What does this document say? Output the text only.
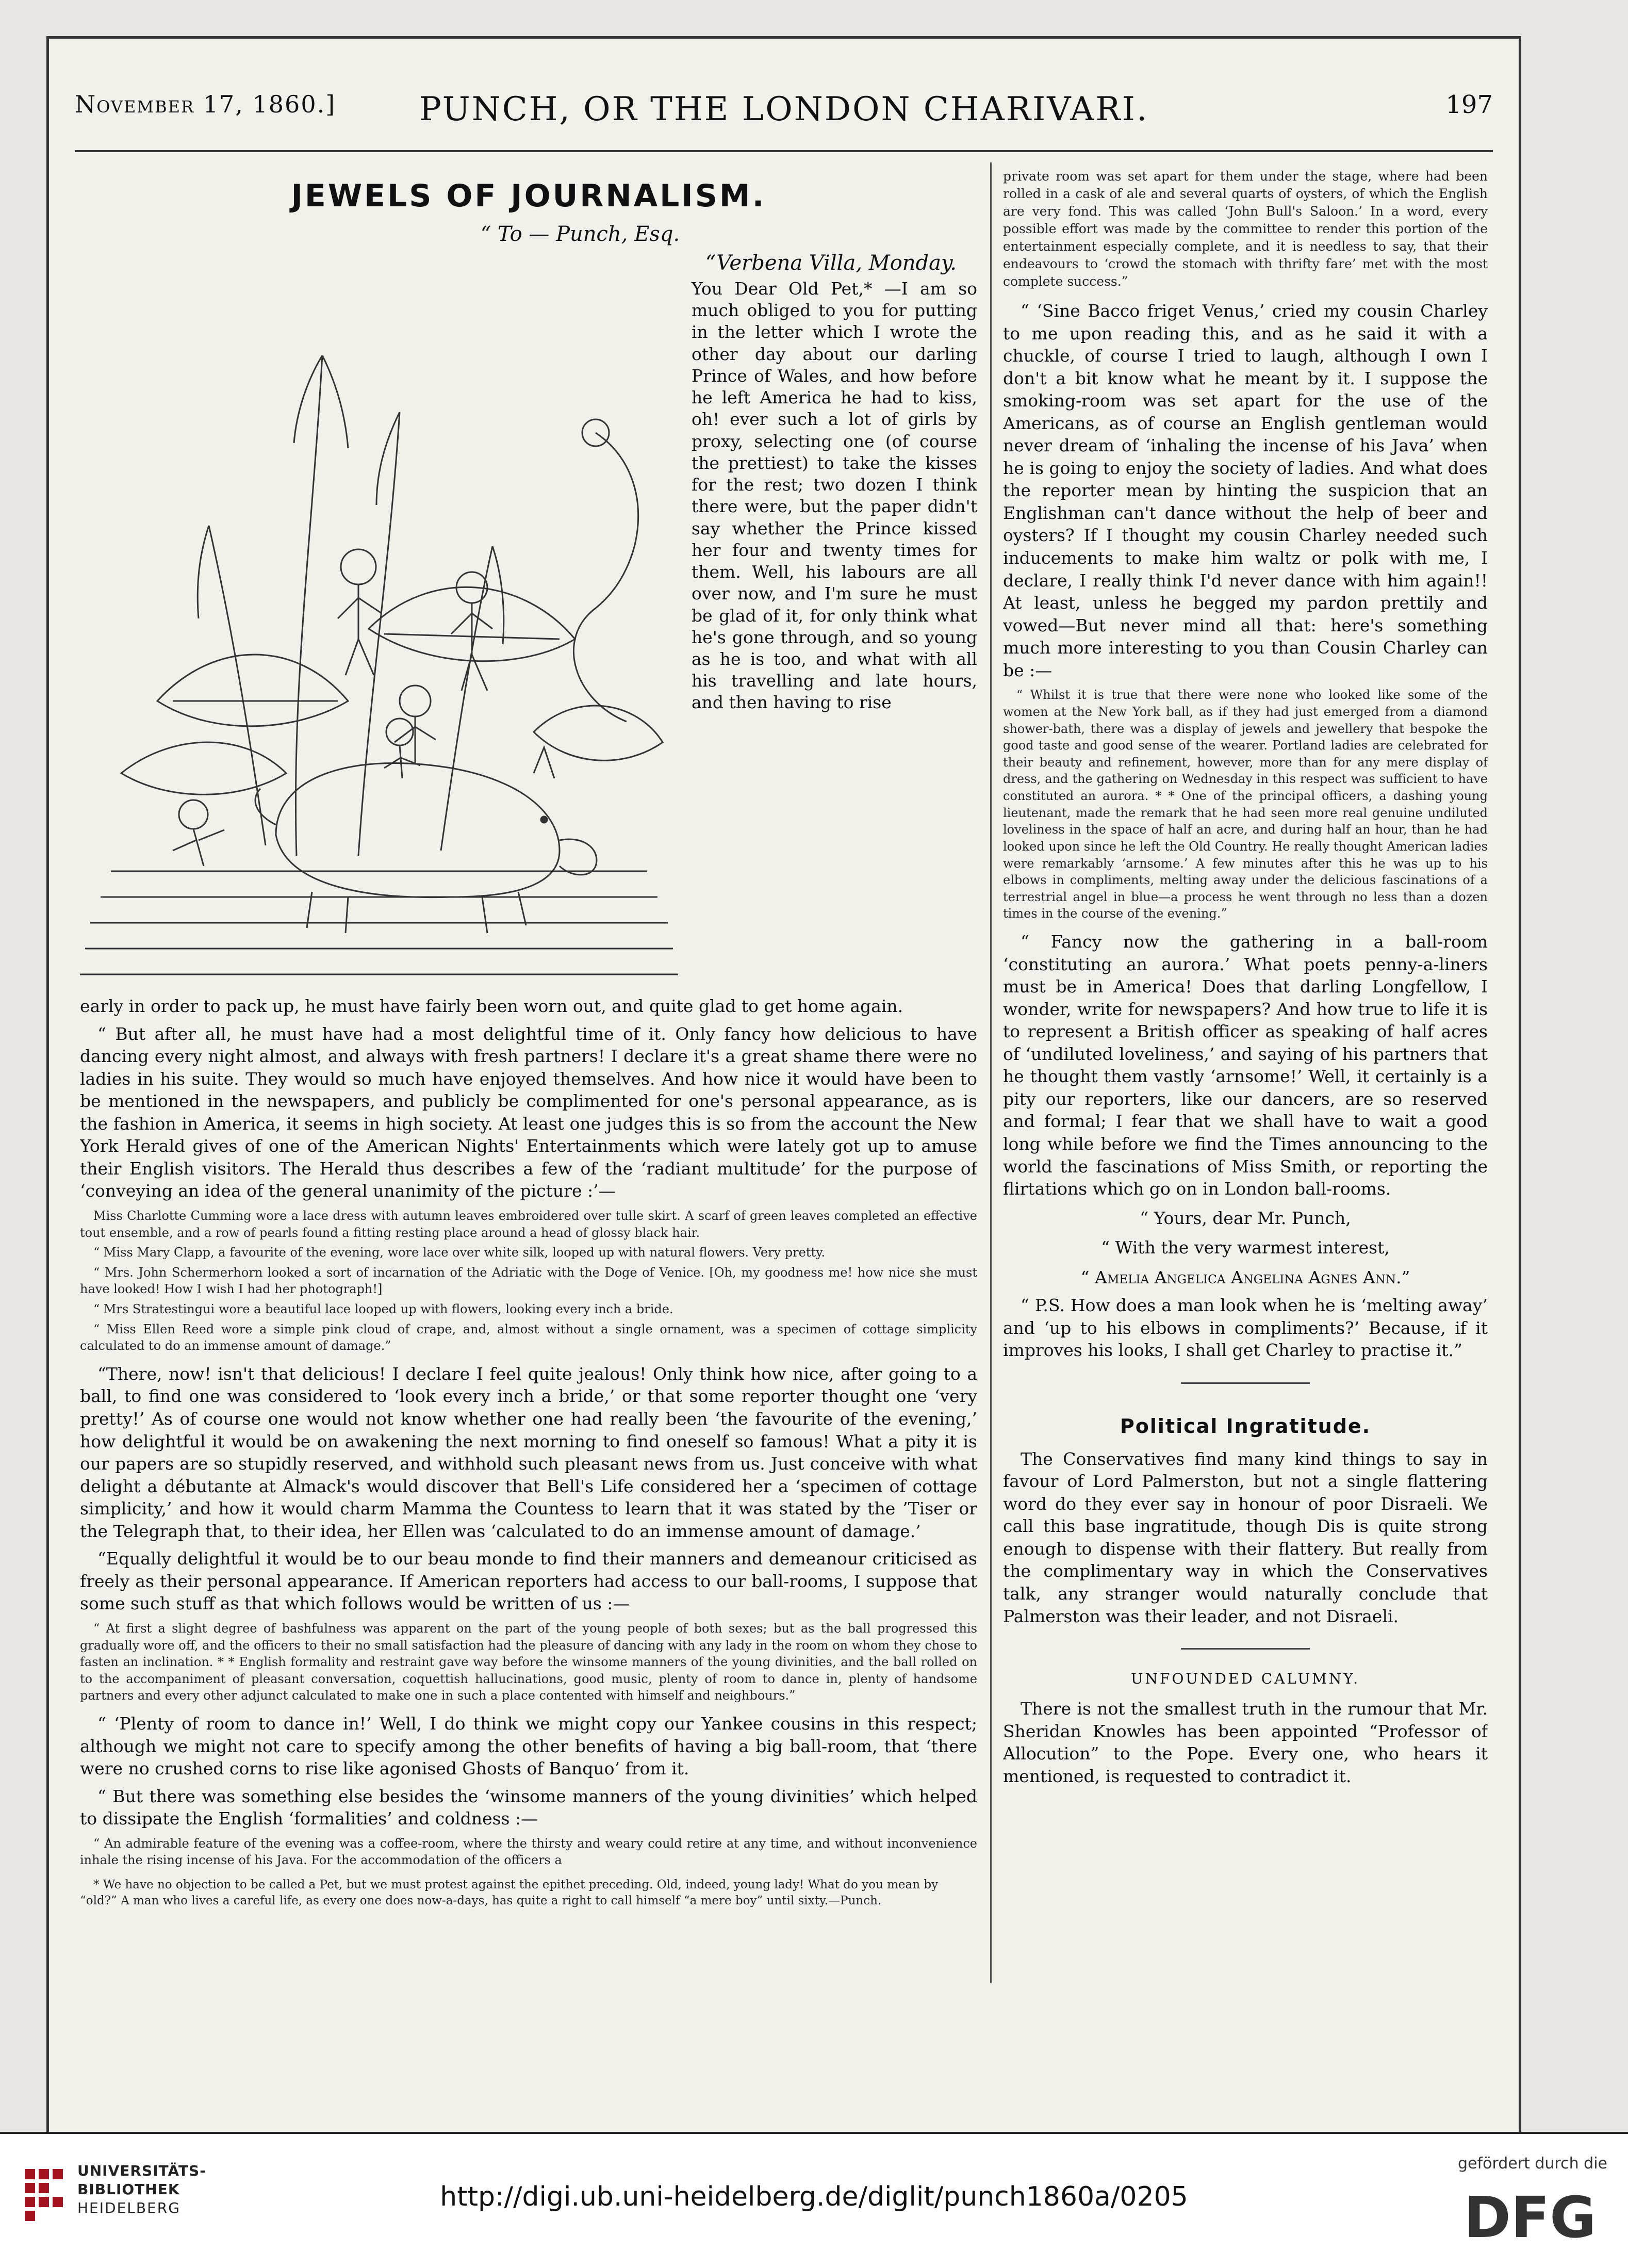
November 17, 1860.]	PUNCH, OR THE LONDON CHARIVARI.	197
JEWELS OF JOURNALISM.
“ To — Punch, Esq.
“Verbena Villa, Monday.
You Dear Old Pet,* —I am so much obliged to you for putting in the letter which I wrote the other day about our darling Prince of Wales, and how before he left America he had to kiss, oh! ever such a lot of girls by proxy, selecting one (of course the prettiest) to take the kisses for the rest; two dozen I think there were, but the paper didn't say whether the Prince kissed her four and twenty times for them. Well, his labours are all over now, and I'm sure he must be glad of it, for only think what he's gone through, and so young as he is too, and what with all his travelling and late hours, and then having to rise

early in order to pack up, he must have fairly been worn out, and quite glad to get home again.

“ But after all, he must have had a most delightful time of it. Only fancy how delicious to have dancing every night almost, and always with fresh partners! I declare it's a great shame there were no ladies in his suite. They would so much have enjoyed themselves. And how nice it would have been to be mentioned in the newspapers, and publicly be complimented for one's personal appearance, as is the fashion in America, it seems in high society. At least one judges this is so from the account the New York Herald gives of one of the American Nights' Entertainments which were lately got up to amuse their English visitors. The Herald thus describes a few of the ‘radiant multitude’ for the purpose of ‘conveying an idea of the general unanimity of the picture :’—

Miss Charlotte Cumming wore a lace dress with autumn leaves embroidered over tulle skirt. A scarf of green leaves completed an effective tout ensemble, and a row of pearls found a fitting resting place around a head of glossy black hair.

“ Miss Mary Clapp, a favourite of the evening, wore lace over white silk, looped up with natural flowers. Very pretty.

“ Mrs. John Schermerhorn looked a sort of incarnation of the Adriatic with the Doge of Venice. [Oh, my goodness me! how nice she must have looked! How I wish I had her photograph!]

“ Mrs Stratestingui wore a beautiful lace looped up with flowers, looking every inch a bride.

“ Miss Ellen Reed wore a simple pink cloud of crape, and, almost without a single ornament, was a specimen of cottage simplicity calculated to do an immense amount of damage.”

“There, now! isn't that delicious! I declare I feel quite jealous! Only think how nice, after going to a ball, to find one was considered to ‘look every inch a bride,’ or that some reporter thought one ‘very pretty!’ As of course one would not know whether one had really been ‘the favourite of the evening,’ how delightful it would be on awakening the next morning to find oneself so famous! What a pity it is our papers are so stupidly reserved, and withhold such pleasant news from us. Just conceive with what delight a débutante at Almack's would discover that Bell's Life considered her a ‘specimen of cottage simplicity,’ and how it would charm Mamma the Countess to learn that it was stated by the ’Tiser or the Telegraph that, to their idea, her Ellen was ‘calculated to do an immense amount of damage.’

“Equally delightful it would be to our beau monde to find their manners and demeanour criticised as freely as their personal appearance. If American reporters had access to our ball-rooms, I suppose that some such stuff as that which follows would be written of us :—

“ At first a slight degree of bashfulness was apparent on the part of the young people of both sexes; but as the ball progressed this gradually wore off, and the officers to their no small satisfaction had the pleasure of dancing with any lady in the room on whom they chose to fasten an inclination. * * English formality and restraint gave way before the winsome manners of the young divinities, and the ball rolled on to the accompaniment of pleasant conversation, coquettish hallucinations, good music, plenty of room to dance in, plenty of handsome partners and every other adjunct calculated to make one in such a place contented with himself and neighbours.”

“ ‘Plenty of room to dance in!’ Well, I do think we might copy our Yankee cousins in this respect; although we might not care to specify among the other benefits of having a big ball-room, that ‘there were no crushed corns to rise like agonised Ghosts of Banquo’ from it.

“ But there was something else besides the ‘winsome manners of the young divinities’ which helped to dissipate the English ‘formalities’ and coldness :—

“ An admirable feature of the evening was a coffee-room, where the thirsty and weary could retire at any time, and without inconvenience inhale the rising incense of his Java. For the accommodation of the officers a

* We have no objection to be called a Pet, but we must protest against the epithet preceding. Old, indeed, young lady! What do you mean by “old?” A man who lives a careful life, as every one does now-a-days, has quite a right to call himself “a mere boy” until sixty.—Punch.

private room was set apart for them under the stage, where had been rolled in a cask of ale and several quarts of oysters, of which the English are very fond. This was called ‘John Bull's Saloon.’ In a word, every possible effort was made by the committee to render this portion of the entertainment especially complete, and it is needless to say, that their endeavours to ‘crowd the stomach with thrifty fare’ met with the most complete success.”

“ ‘Sine Bacco friget Venus,’ cried my cousin Charley to me upon reading this, and as he said it with a chuckle, of course I tried to laugh, although I own I don't a bit know what he meant by it. I suppose the smoking-room was set apart for the use of the Americans, as of course an English gentleman would never dream of ‘inhaling the incense of his Java’ when he is going to enjoy the society of ladies. And what does the reporter mean by hinting the suspicion that an Englishman can't dance without the help of beer and oysters? If I thought my cousin Charley needed such inducements to make him waltz or polk with me, I declare, I really think I'd never dance with him again!! At least, unless he begged my pardon prettily and vowed—But never mind all that: here's something much more interesting to you than Cousin Charley can be :—

“ Whilst it is true that there were none who looked like some of the women at the New York ball, as if they had just emerged from a diamond shower-bath, there was a display of jewels and jewellery that bespoke the good taste and good sense of the wearer. Portland ladies are celebrated for their beauty and refinement, however, more than for any mere display of dress, and the gathering on Wednesday in this respect was sufficient to have constituted an aurora. * * One of the principal officers, a dashing young lieutenant, made the remark that he had seen more real genuine undiluted loveliness in the space of half an acre, and during half an hour, than he had looked upon since he left the Old Country. He really thought American ladies were remarkably ‘arnsome.’ A few minutes after this he was up to his elbows in compliments, melting away under the delicious fascinations of a terrestrial angel in blue—a process he went through no less than a dozen times in the course of the evening.”

“ Fancy now the gathering in a ball-room ‘constituting an aurora.’ What poets penny-a-liners must be in America! Does that darling Longfellow, I wonder, write for newspapers? And how true to life it is to represent a British officer as speaking of half acres of ‘undiluted loveliness,’ and saying of his partners that he thought them vastly ‘arnsome!’ Well, it certainly is a pity our reporters, like our dancers, are so reserved and formal; I fear that we shall have to wait a good long while before we find the Times announcing to the world the fascinations of Miss Smith, or reporting the flirtations which go on in London ball-rooms.

“ Yours, dear Mr. Punch,
“ With the very warmest interest,
“ Amelia Angelica Angelina Agnes Ann.”

“ P.S. How does a man look when he is ‘melting away’ and ‘up to his elbows in compliments?’ Because, if it improves his looks, I shall get Charley to practise it.”

Political Ingratitude.

The Conservatives find many kind things to say in favour of Lord Palmerston, but not a single flattering word do they ever say in honour of poor Disraeli. We call this base ingratitude, though Dis is quite strong enough to dispense with their flattery. But really from the complimentary way in which the Conservatives talk, any stranger would naturally conclude that Palmerston was their leader, and not Disraeli.

UNFOUNDED CALUMNY.

There is not the smallest truth in the rumour that Mr. Sheridan Knowles has been appointed “Professor of Allocution” to the Pope. Every one, who hears it mentioned, is requested to contradict it.

UNIVERSITÄTS-
BIBLIOTHEK
HEIDELBERG	http://digi.ub.uni-heidelberg.de/diglit/punch1860a/0205
gefördert durch die
DFG
